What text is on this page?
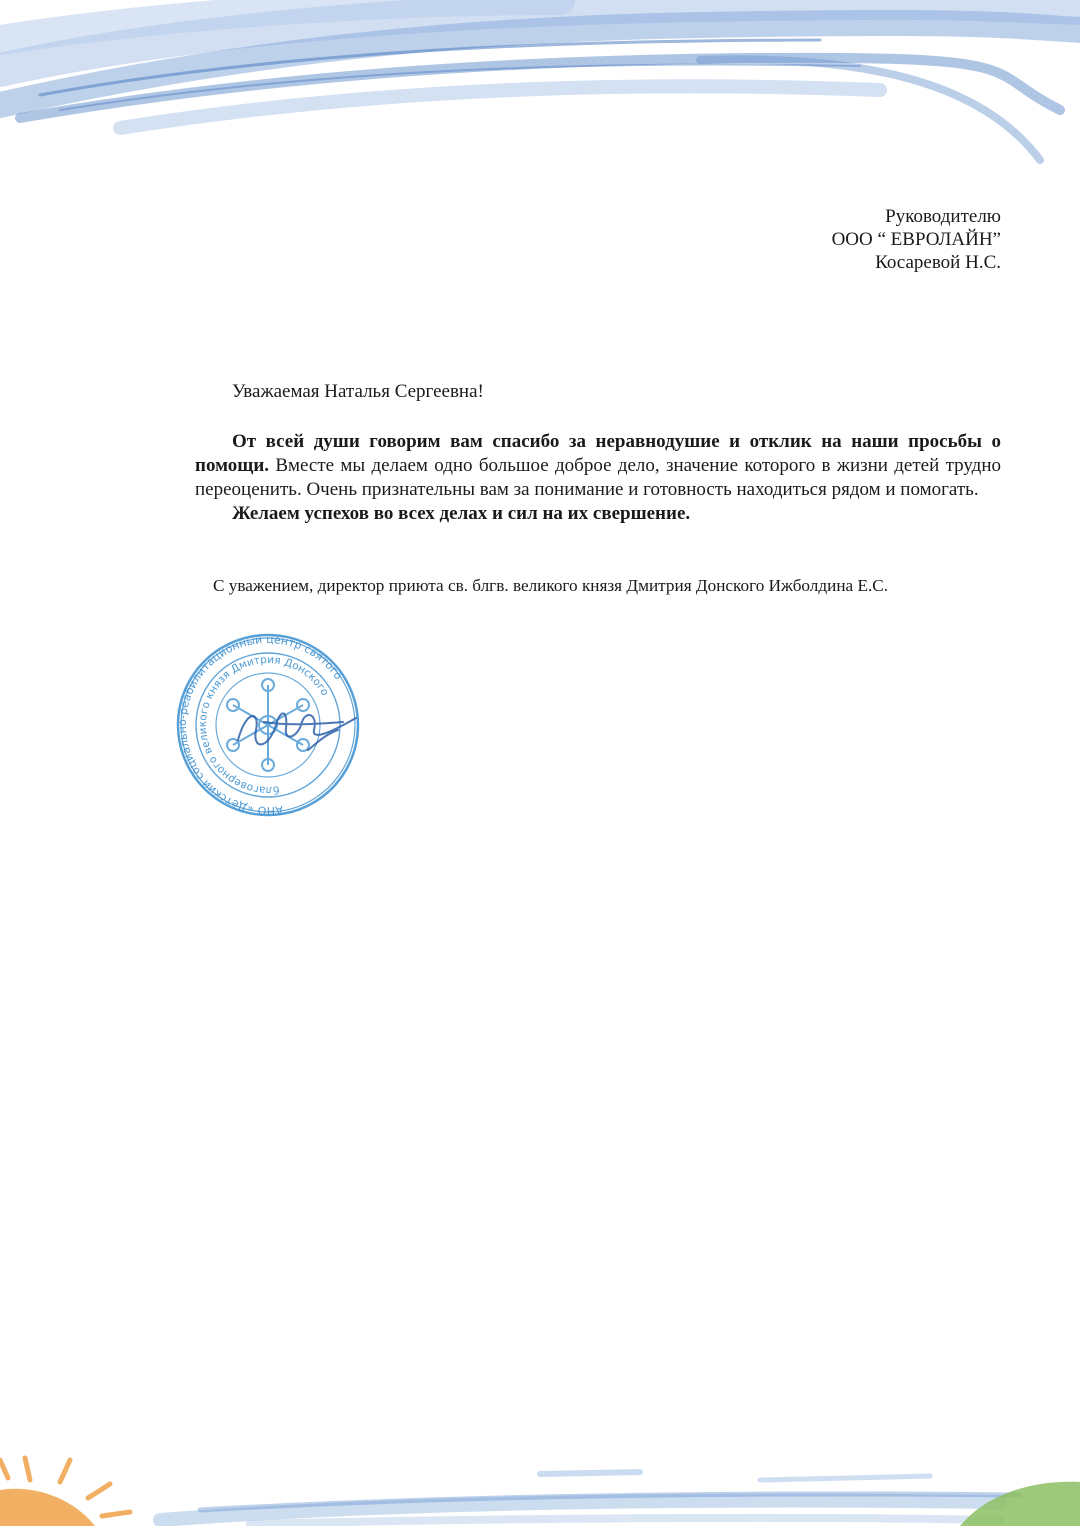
Руководителю
ООО “ ЕВРОЛАЙН”
Косаревой Н.С.
Уважаемая Наталья Сергеевна!

От всей души говорим вам спасибо за неравнодушие и отклик на наши просьбы о помощи. Вместе мы делаем одно большое доброе дело, значение которого в жизни детей трудно переоценить. Очень признательны вам за понимание и готовность находиться рядом и помогать.

Желаем успехов во всех делах и сил на их свершение.

С уважением, директор приюта св. блгв. великого князя Дмитрия Донского Ижболдина Е.С.
АНО «Детский социально-реабилитационный центр святого
благоверного великого князя Дмитрия Донского
